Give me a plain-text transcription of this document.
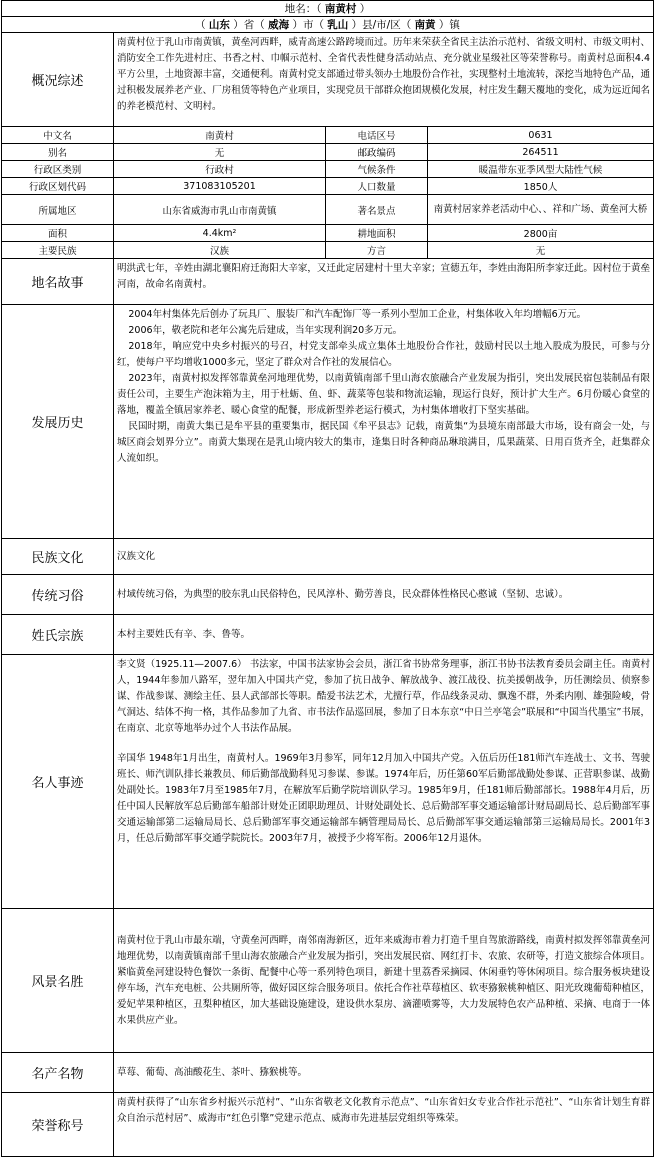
地名：（ 南黄村 ）			
（ 山东 ）省（ 威海 ）市（ 乳山 ）县/市/区（ 南黄 ）镇			
概况综述	南黄村位于乳山市南黄镇，黄垒河西畔，威青高速公路跨境而过。历年来荣获全省民主法治示范村、省级文明村、市级文明村、消防安全工作先进村庄、书香之村、巾帼示范村、全省代表性健身活动站点、充分就业星级社区等荣誉称号。南黄村总面积4.4平方公里，土地资源丰富，交通便利。南黄村党支部通过带头领办土地股份合作社，实现整村土地流转，深挖当地特色产品，通过积极发展养老产业、厂房租赁等特色产业项目，实现党员干部群众抱团规模化发展，村庄发生翻天覆地的变化，成为远近闻名的养老模范村、文明村。		
中文名	南黄村	电话区号	0631
别名	无	邮政编码	264511
行政区类别	行政村	气候条件	暖温带东亚季风型大陆性气候
行政区划代码	371083105201	人口数量	1850人
所属地区	山东省威海市乳山市南黄镇	著名景点	南黄村居家养老活动中心、、祥和广场、黄垒河大桥
面积	4.4km²	耕地面积	2800亩
主要民族	汉族	方言	无
地名故事	明洪武七年，辛姓由湖北襄阳府迁海阳大辛家，又迁此定居建村十里大辛家；宣德五年，李姓由海阳所李家迁此。因村位于黄垒河南，故命名南黄村。		
发展历史	2004年村集体先后创办了玩具厂、服装厂和汽车配饰厂等一系列小型加工企业，村集体收入年均增幅6万元。

2006年，敬老院和老年公寓先后建成，当年实现利润20多万元。

2018年，响应党中央乡村振兴的号召，村党支部牵头成立集体土地股份合作社，鼓励村民以土地入股成为股民，可参与分红，使每户平均增收1000多元，坚定了群众对合作社的发展信心。

2023年，南黄村拟发挥邻靠黄垒河地理优势，以南黄镇南部千里山海农旅融合产业发展为指引，突出发展民宿包装制品有限责任公司，主要生产泡沫箱为主，用于杜蛎、鱼、虾、蔬菜等包装和物流运输，现运行良好，预计扩大生产。6月份暖心食堂的落地，覆盖全镇居家养老、暖心食堂的配餐，形成新型养老运行模式，为村集体增收打下坚实基础。

民国时期，南黄大集已是牟平县的重要集市，据民国《牟平县志》记载，南黄集“为县境东南部最大市场，设有商会一处，与城区商会划界分立”。南黄大集现在是乳山境内较大的集市，逢集日时各种商品琳琅满目，瓜果蔬菜、日用百货齐全，赶集群众人流如织。		

民族文化	汉族文化		
传统习俗	村域传统习俗，为典型的胶东乳山民俗特色，民风淳朴、勤劳善良，民众群体性格民心憨诚（坚韧、忠诚）。		
姓氏宗族	本村主要姓氏有辛、李、鲁等。		
名人事迹	李文贤（1925.11—2007.6） 书法家，中国书法家协会会员，浙江省书协常务理事，浙江书协书法教育委员会副主任。南黄村人，1944年参加八路军，翌年加入中国共产党，参加了抗日战争、解放战争、渡江战役、抗美援朝战争，历任测绘员、侦察参谋、作战参谋、测绘主任、县人武部部长等职。酷爱书法艺术，尤擅行草，作品线条灵动、飘逸不群，外柔内刚、雄强险峻，骨气洞达、结体不拘一格，其作品参加了九省、市书法作品巡回展，参加了日本东京“中日兰亭笔会”联展和“中国当代墨宝”书展，在南京、北京等地举办过个人书法作品展。

辛国华 1948年1月出生，南黄村人。1969年3月参军，同年12月加入中国共产党。入伍后历任181师汽车连战士、文书、驾驶班长、师汽训队排长兼教员、师后勤部战勤科见习参谋、参谋。1974年后，历任第60军后勤部战勤处参谋、正营职参谋、战勤处副处长。1983年7月至1985年7月，在解放军后勤学院培训队学习。1985年9月，任181师后勤部部长。1988年4月后，历任中国人民解放军总后勤部车船部计财处正团职助理员、计财处副处长、总后勤部军事交通运输部计财局副局长、总后勤部军事交通运输部第二运输局局长、总后勤部军事交通运输部车辆管理局局长、总后勤部军事交通运输部第三运输局局长。2001年3月，任总后勤部军事交通学院院长。2003年7月，被授予少将军衔。2006年12月退休。		

风景名胜	南黄村位于乳山市最东端，守黄垒河西畔，南邻南海新区，近年来威海市着力打造千里自驾旅游路线，南黄村拟发挥邻靠黄垒河地理优势，以南黄镇南部千里山海农旅融合产业发展为指引，突出发展民宿、网红打卡、农旅、农研等，打造文旅综合体项目。紧临黄垒河建设特色餐饮一条街、配餐中心等一系列特色项目，新建十里荔香采摘园、休闲垂钓等休闲项目。综合服务板块建设停车场，汽车充电桩、公共厕所等，做好园区综合服务项目。依托合作社草莓植区、软枣猕猴桃种植区、阳光玫瑰葡萄种植区，爱妃苹果种植区，丑梨种植区，加大基础设施建设，建设供水泵房、滴灌喷雾等，大力发展特色农产品种植、采摘、电商于一体水果供应产业。		
名产名物	草莓、葡萄、高油酸花生、茶叶、猕猴桃等。		
荣誉称号	南黄村获得了“山东省乡村振兴示范村”、“山东省敬老文化教育示范点”、“山东省妇女专业合作社示范社”、“山东省计划生育群众自治示范村居”、威海市“红色引擎”党建示范点、威海市先进基层党组织等殊荣。		
